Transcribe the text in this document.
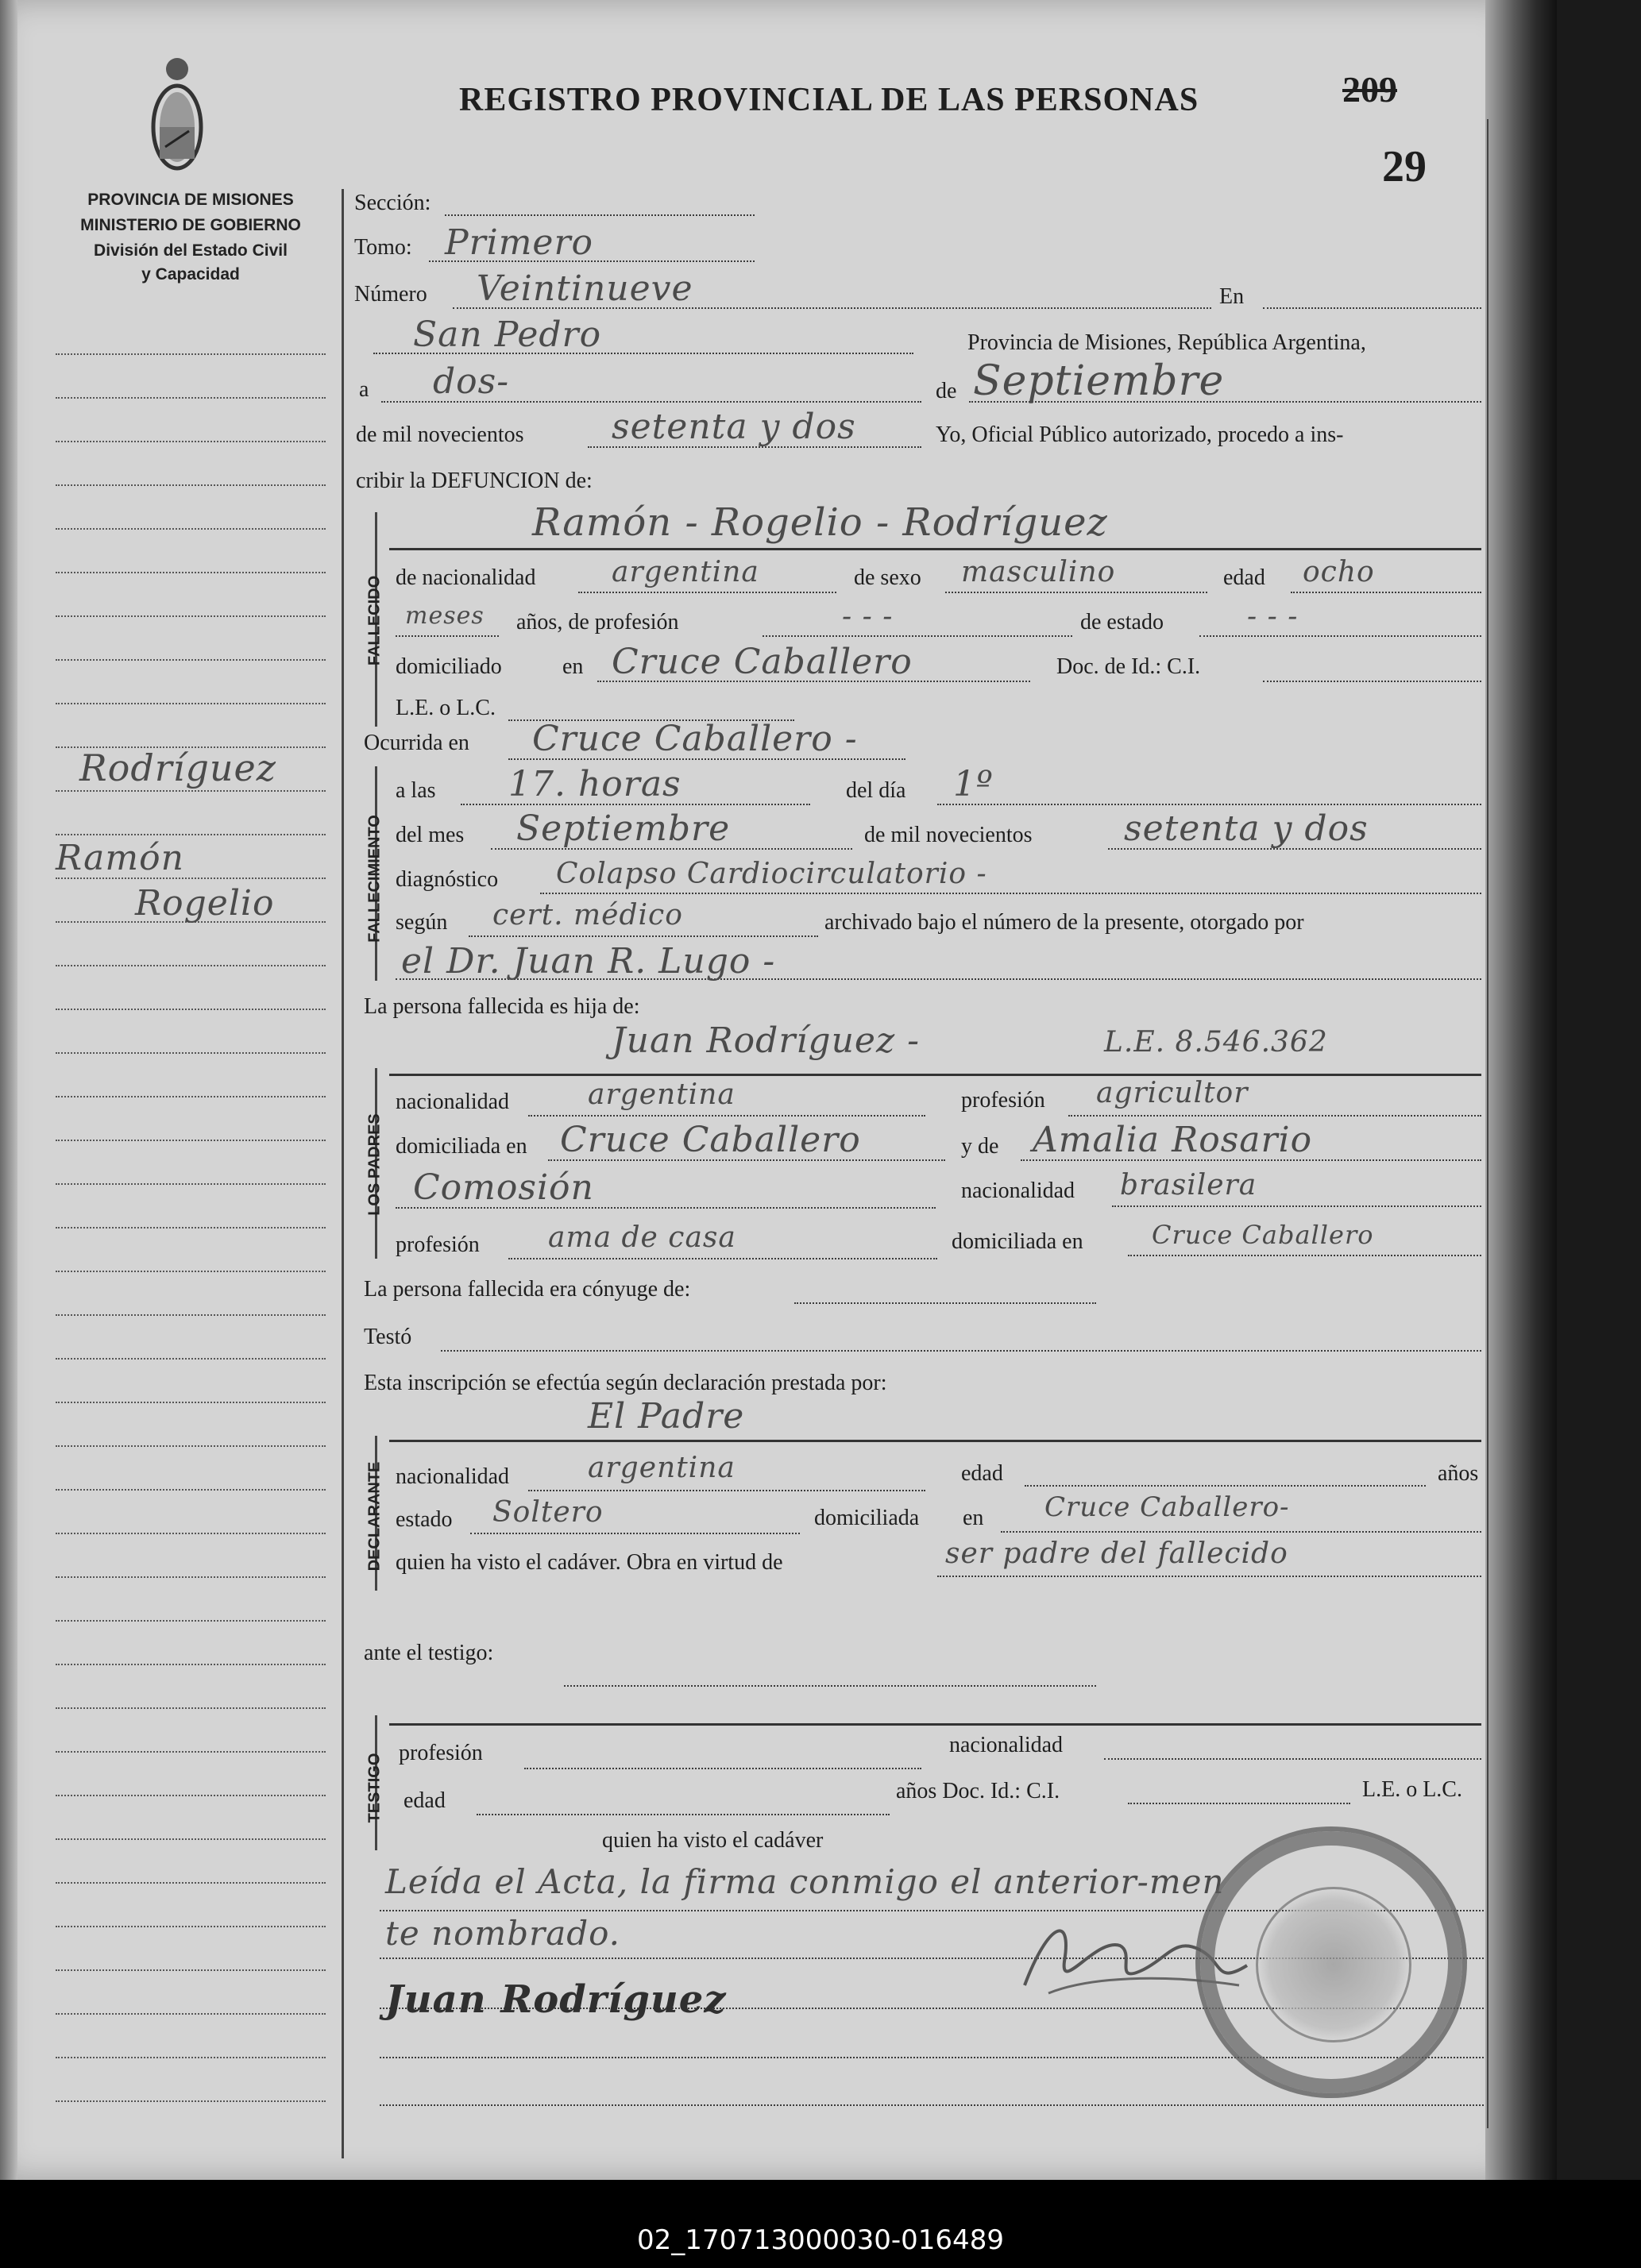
REGISTRO PROVINCIAL DE LAS PERSONAS	209
29
PROVINCIA DE MISIONES
MINISTERIO DE GOBIERNO
División del Estado Civil
y Capacidad
Rodríguez
Ramón
Rogelio
Sección:
Tomo: Primero
Número Veintinueve	En
San Pedro	Provincia de Misiones, República Argentina,
a dos-	de Septiembre
de mil novecientos	setenta y dos	Yo, Oficial Público autorizado, procedo a ins-
cribir la DEFUNCION de:
FALLECIDO
Ramón - Rogelio - Rodríguez
de nacionalidad	argentina	de sexo masculino	edad ocho
meses años, de profesión	- - -	de estado	- - -
domiciliado	en Cruce Caballero	Doc. de Id.: C.I.
L.E. o L.C.
Ocurrida en Cruce Caballero -
FALLECIMIENTO
a las 17. horas	del día 1º
del mes Septiembre	de mil novecientos	setenta y dos
diagnóstico Colapso Cardiocirculatorio -
según cert. médico	archivado bajo el número de la presente, otorgado por
el Dr. Juan R. Lugo -
La persona fallecida es hija de:
Juan Rodríguez -	L.E. 8.546.362
LOS PADRES
nacionalidad	argentina	profesión agricultor
domiciliada en Cruce Caballero	y de Amalia Rosario
Comosión	nacionalidad brasilera
profesión ama de casa	domiciliada en	Cruce Caballero
La persona fallecida era cónyuge de:
Testó
Esta inscripción se efectúa según declaración prestada por:
El Padre
DECLARANTE nacionalidad	argentina	edad	años
estado Soltero	domiciliada en Cruce Caballero-
quien ha visto el cadáver. Obra en virtud de	ser padre del fallecido
ante el testigo:
TESTIGO
profesión	nacionalidad
edad	años Doc. Id.: C.I.	L.E. o L.C.
quien ha visto el cadáver
Leída el Acta, la firma conmigo el anterior-men
te nombrado.
Juan Rodríguez
02_170713000030-016489
